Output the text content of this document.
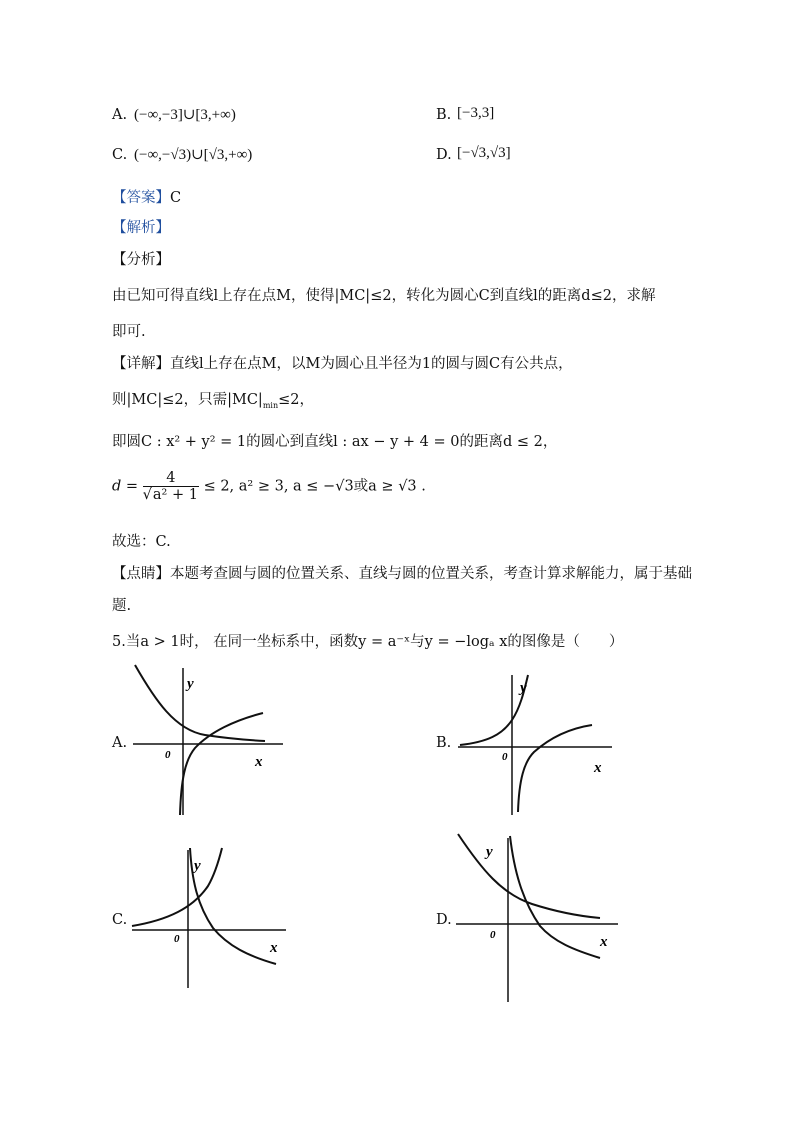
A. (−∞,−3]∪[3,+∞)	B. [−3,3]
C. (−∞,−√3)∪[√3,+∞)	D. [−√3,√3]
【答案】C
【解析】
【分析】
由已知可得直线l上存在点M，使得|MC|≤2，转化为圆心C到直线l的距离d≤2，求解
即可.
【详解】直线l上存在点M，以M为圆心且半径为1的圆与圆C有公共点，
则|MC|≤2，只需$|MC|_{min}\le 2$，
即圆C : x² + y² = 1的圆心到直线l : ax − y + 4 = 0的距离d ≤ 2，
$d = \frac{4}{\text{√a² + 1}} \le 2$, a² ≥ 3, a ≤ −√3或a ≥ √3 .
故选：C.
【点睛】本题考查圆与圆的位置关系、直线与圆的位置关系，考查计算求解能力，属于基础
题.
5.当a > 1时， 在同一坐标系中，函数y = a⁻ˣ与y = −logₐ x的图像是（　　）
A.
y
x
0
B.
y
x
0
C.
y
x
0
D.
y
x
0
